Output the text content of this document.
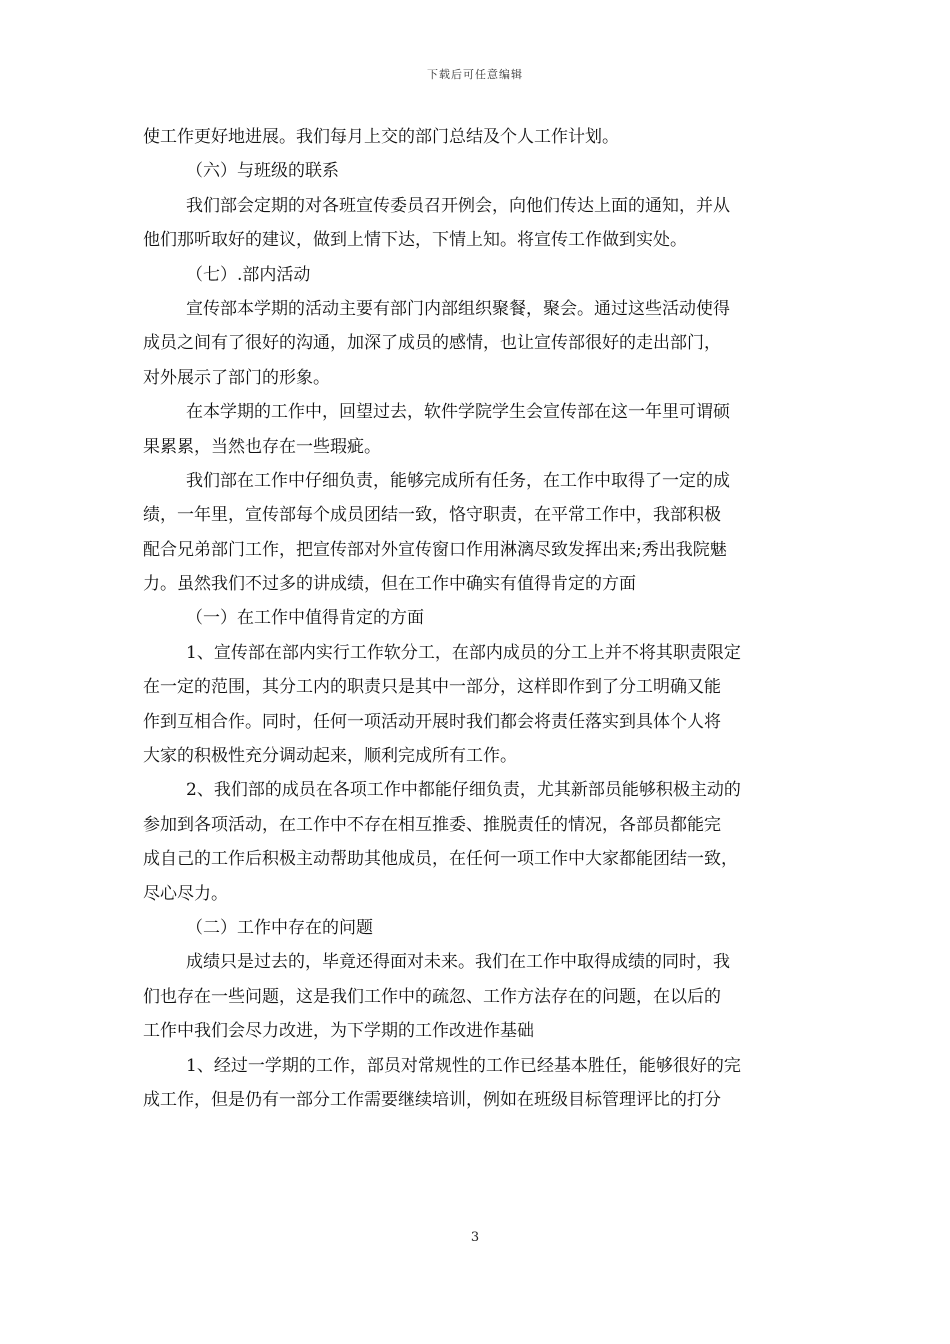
下载后可任意编辑
使工作更好地进展。我们每月上交的部门总结及个人工作计划。
（六）与班级的联系
我们部会定期的对各班宣传委员召开例会，向他们传达上面的通知，并从
他们那听取好的建议，做到上情下达，下情上知。将宣传工作做到实处。
（七）.部内活动
宣传部本学期的活动主要有部门内部组织聚餐，聚会。通过这些活动使得
成员之间有了很好的沟通，加深了成员的感情，也让宣传部很好的走出部门，
对外展示了部门的形象。
在本学期的工作中，回望过去，软件学院学生会宣传部在这一年里可谓硕
果累累，当然也存在一些瑕疵。
我们部在工作中仔细负责，能够完成所有任务，在工作中取得了一定的成
绩，一年里，宣传部每个成员团结一致，恪守职责，在平常工作中，我部积极
配合兄弟部门工作，把宣传部对外宣传窗口作用淋漓尽致发挥出来;秀出我院魅
力。虽然我们不过多的讲成绩，但在工作中确实有值得肯定的方面
（一）在工作中值得肯定的方面
1、宣传部在部内实行工作软分工，在部内成员的分工上并不将其职责限定
在一定的范围，其分工内的职责只是其中一部分，这样即作到了分工明确又能
作到互相合作。同时，任何一项活动开展时我们都会将责任落实到具体个人将
大家的积极性充分调动起来，顺利完成所有工作。
2、我们部的成员在各项工作中都能仔细负责，尤其新部员能够积极主动的
参加到各项活动，在工作中不存在相互推委、推脱责任的情况，各部员都能完
成自己的工作后积极主动帮助其他成员，在任何一项工作中大家都能团结一致，
尽心尽力。
（二）工作中存在的问题
成绩只是过去的，毕竟还得面对未来。我们在工作中取得成绩的同时，我
们也存在一些问题，这是我们工作中的疏忽、工作方法存在的问题，在以后的
工作中我们会尽力改进，为下学期的工作改进作基础
1、经过一学期的工作，部员对常规性的工作已经基本胜任，能够很好的完
成工作，但是仍有一部分工作需要继续培训，例如在班级目标管理评比的打分
3
